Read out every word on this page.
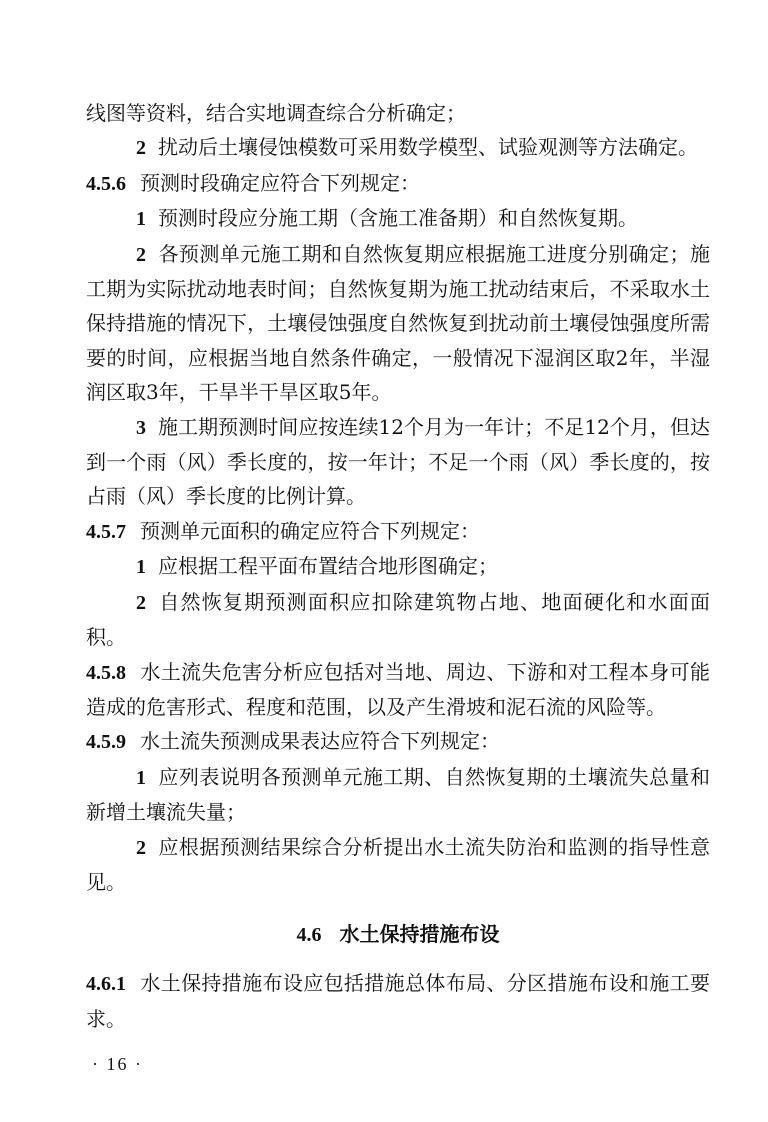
线图等资料，结合实地调查综合分析确定；

2 扰动后土壤侵蚀模数可采用数学模型、试验观测等方法确定。

4.5.6 预测时段确定应符合下列规定：

1 预测时段应分施工期（含施工准备期）和自然恢复期。

2 各预测单元施工期和自然恢复期应根据施工进度分别确定；施工期为实际扰动地表时间；自然恢复期为施工扰动结束后，不采取水土保持措施的情况下，土壤侵蚀强度自然恢复到扰动前土壤侵蚀强度所需要的时间，应根据当地自然条件确定，一般情况下湿润区取2年，半湿润区取3年，干旱半干旱区取5年。

3 施工期预测时间应按连续12个月为一年计；不足12个月，但达到一个雨（风）季长度的，按一年计；不足一个雨（风）季长度的，按占雨（风）季长度的比例计算。

4.5.7 预测单元面积的确定应符合下列规定：

1 应根据工程平面布置结合地形图确定；

2 自然恢复期预测面积应扣除建筑物占地、地面硬化和水面面积。

4.5.8 水土流失危害分析应包括对当地、周边、下游和对工程本身可能造成的危害形式、程度和范围，以及产生滑坡和泥石流的风险等。

4.5.9 水土流失预测成果表达应符合下列规定：

1 应列表说明各预测单元施工期、自然恢复期的土壤流失总量和新增土壤流失量；

2 应根据预测结果综合分析提出水土流失防治和监测的指导性意见。

4.6 水土保持措施布设

4.6.1 水土保持措施布设应包括措施总体布局、分区措施布设和施工要求。

· 16 ·
